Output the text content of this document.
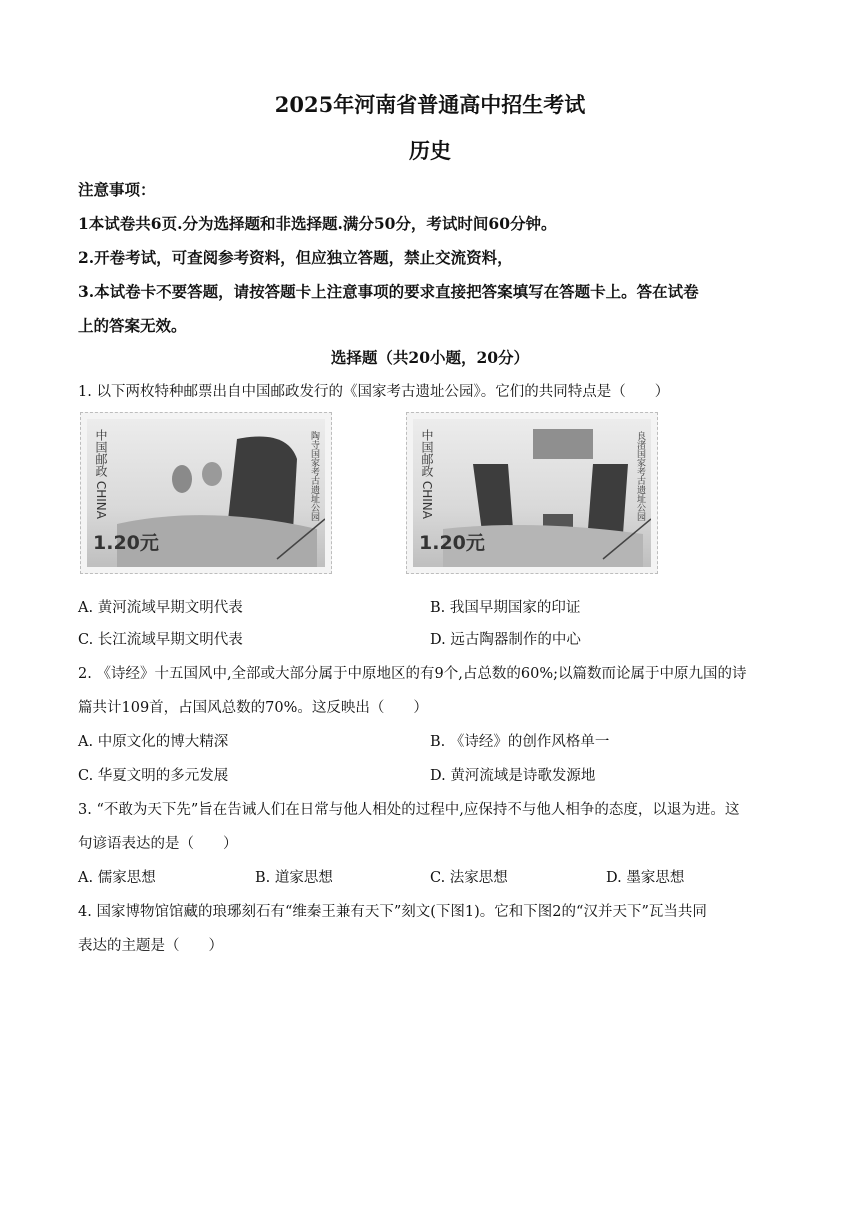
2025年河南省普通高中招生考试
历史
注意事项：
1本试卷共6页.分为选择题和非选择题.满分50分，考试时间60分钟。
2.开卷考试，可查阅参考资料，但应独立答题，禁止交流资料，
3.本试卷卡不要答题，请按答题卡上注意事项的要求直接把答案填写在答题卡上。答在试卷
上的答案无效。
选择题（共20小题，20分）
1. 以下两枚特种邮票出自中国邮政发行的《国家考古遗址公园》。它们的共同特点是（　　）
中国邮政 CHINA	陶寺国家考古遗址公园
1.20元
中国邮政 CHINA	良渚国家考古遗址公园
1.20元
A. 黄河流域早期文明代表	B. 我国早期国家的印证
C. 长江流域早期文明代表	D. 远古陶器制作的中心
2. 《诗经》十五国风中,全部或大部分属于中原地区的有9个,占总数的60%;以篇数而论属于中原九国的诗
篇共计109首，占国风总数的70%。这反映出（　　）
A. 中原文化的博大精深	B. 《诗经》的创作风格单一
C. 华夏文明的多元发展	D. 黄河流域是诗歌发源地
3. “不敢为天下先”旨在告诫人们在日常与他人相处的过程中,应保持不与他人相争的态度，以退为进。这
句谚语表达的是（　　）
A. 儒家思想	B. 道家思想	C. 法家思想	D. 墨家思想
4. 国家博物馆馆藏的琅琊刻石有“维秦王兼有天下”刻文(下图1)。它和下图2的“汉并天下”瓦当共同
表达的主题是（　　）
